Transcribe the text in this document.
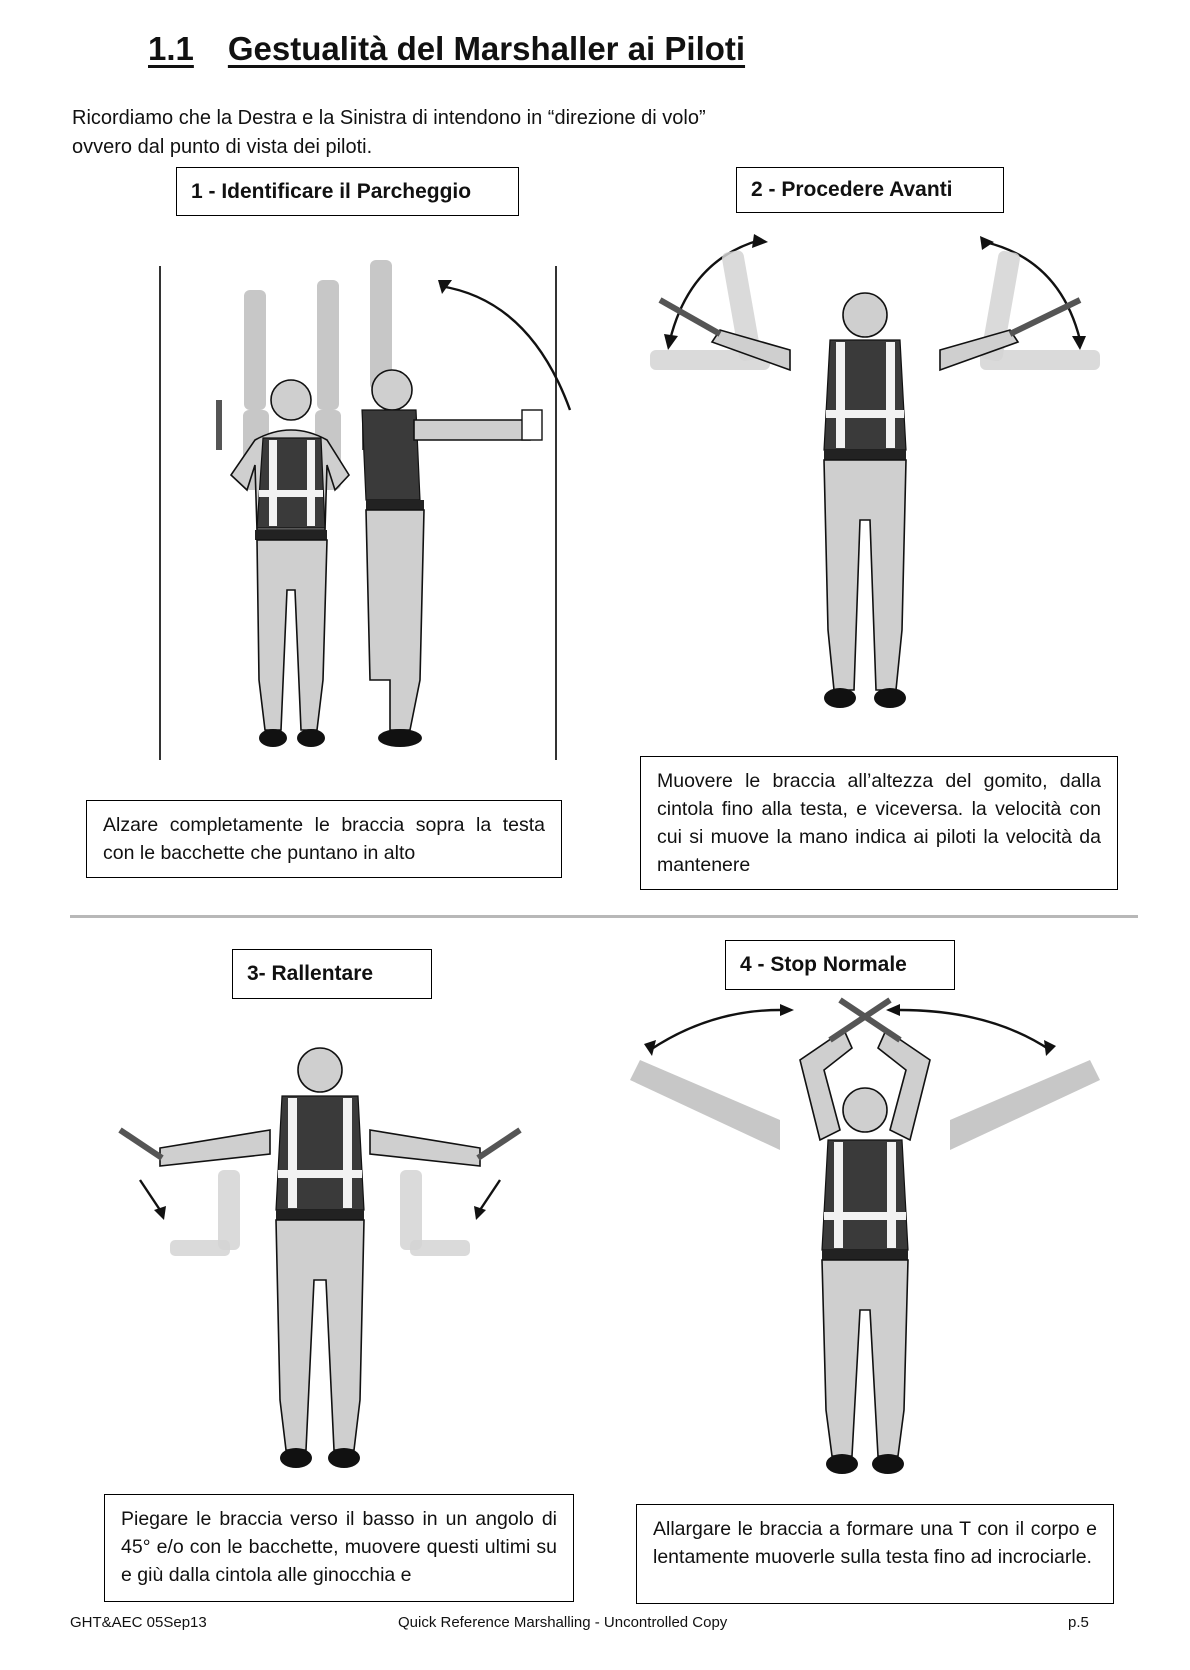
1.1 Gestualità del Marshaller ai Piloti
Ricordiamo che la Destra e la Sinistra di intendono in “direzione di volo”
ovvero dal punto di vista dei piloti.
1 - Identificare il Parcheggio	2 - Procedere Avanti
3- Rallentare	4 - Stop Normale
Alzare completamente le braccia sopra la testa con le bacchette che puntano in alto
Muovere le braccia all’altezza del gomito, dalla cintola fino alla testa, e viceversa. la velocità con cui si muove la mano indica ai piloti la velocità da mantenere
Piegare le braccia verso il basso in un angolo di 45° e/o con le bacchette, muovere questi ultimi su e giù dalla cintola alle ginocchia e
Allargare le braccia a formare una T con il corpo e lentamente muoverle sulla testa fino ad incrociarle.
GHT&AEC 05Sep13	Quick Reference Marshalling - Uncontrolled Copy	p.5
